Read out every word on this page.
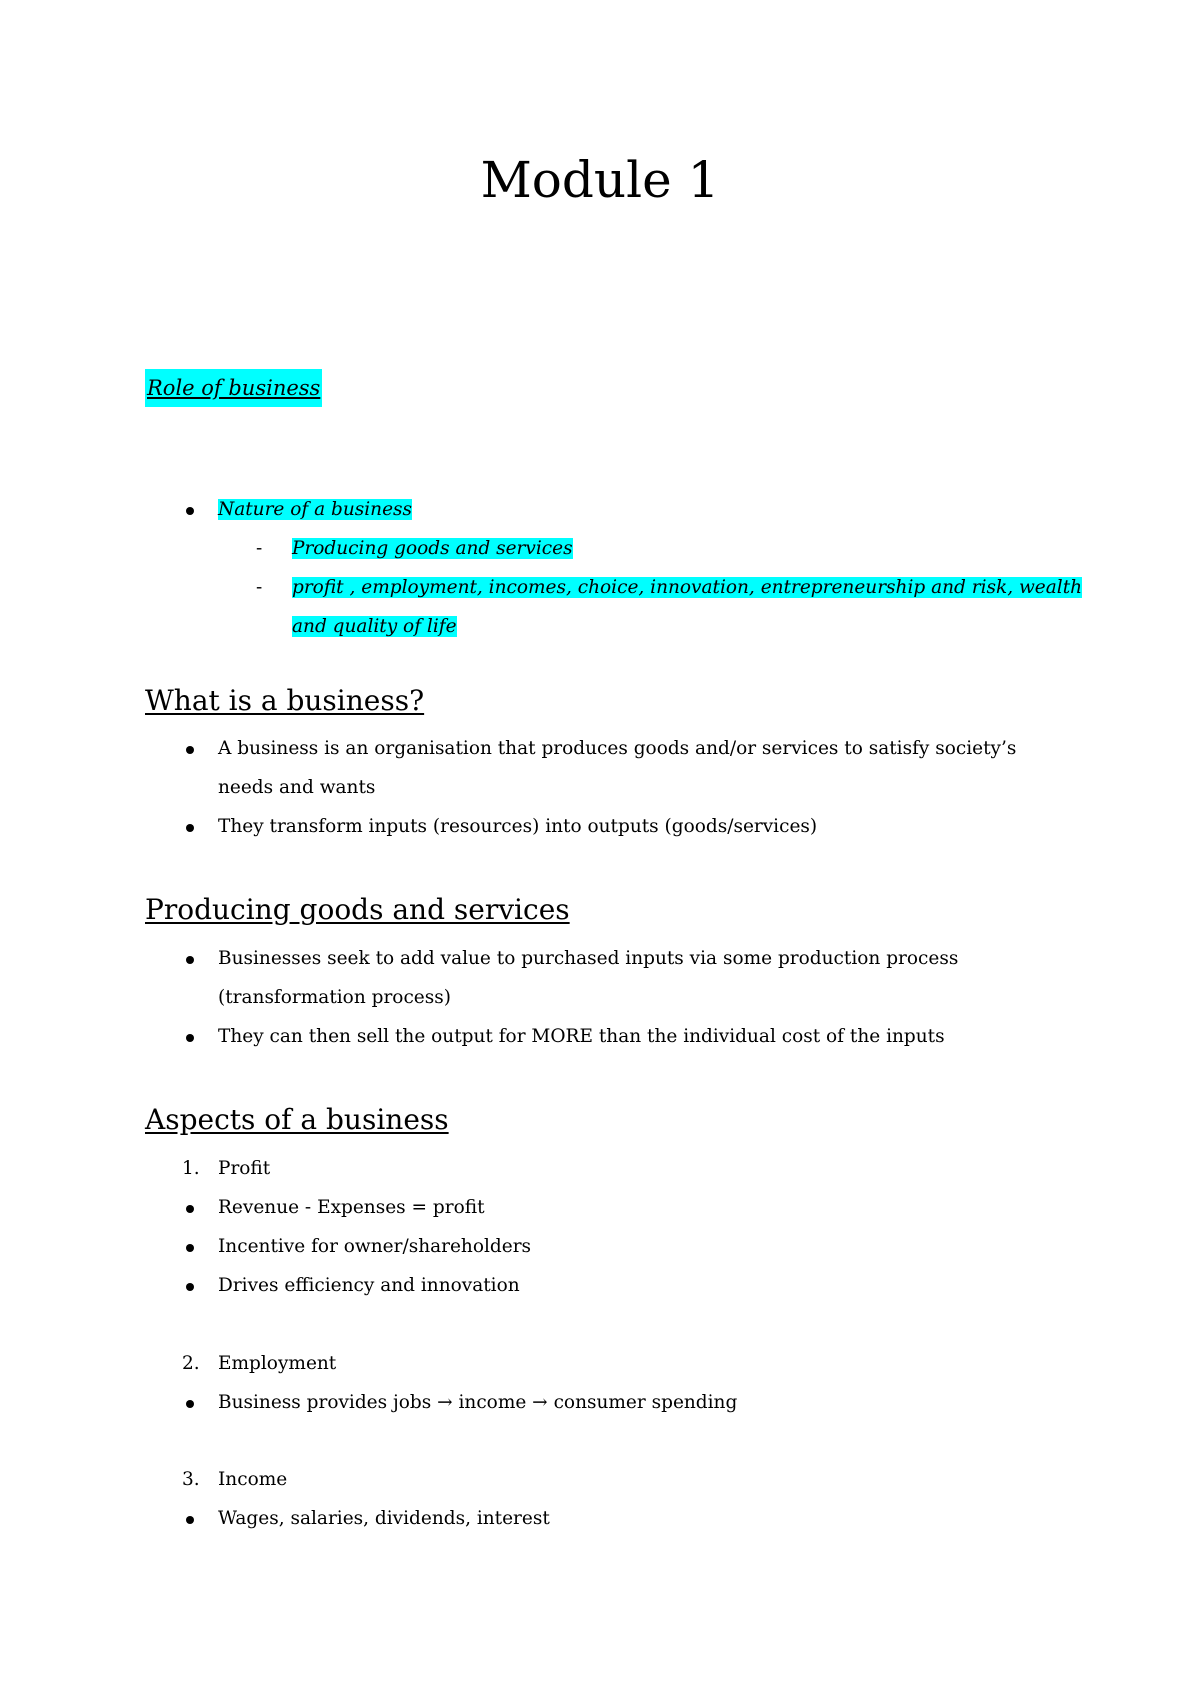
Module 1
Role of business
Nature of a business
- Producing goods and services
- profit , employment, incomes, choice, innovation, entrepreneurship and risk, wealth
and quality of life
What is a business?
A business is an organisation that produces goods and/or services to satisfy society’s
needs and wants
They transform inputs (resources) into outputs (goods/services)
Producing goods and services
Businesses seek to add value to purchased inputs via some production process
(transformation process)
They can then sell the output for MORE than the individual cost of the inputs
Aspects of a business
1. Profit
Revenue - Expenses = profit
Incentive for owner/shareholders
Drives efficiency and innovation
2. Employment
Business provides jobs → income → consumer spending
3. Income
Wages, salaries, dividends, interest
